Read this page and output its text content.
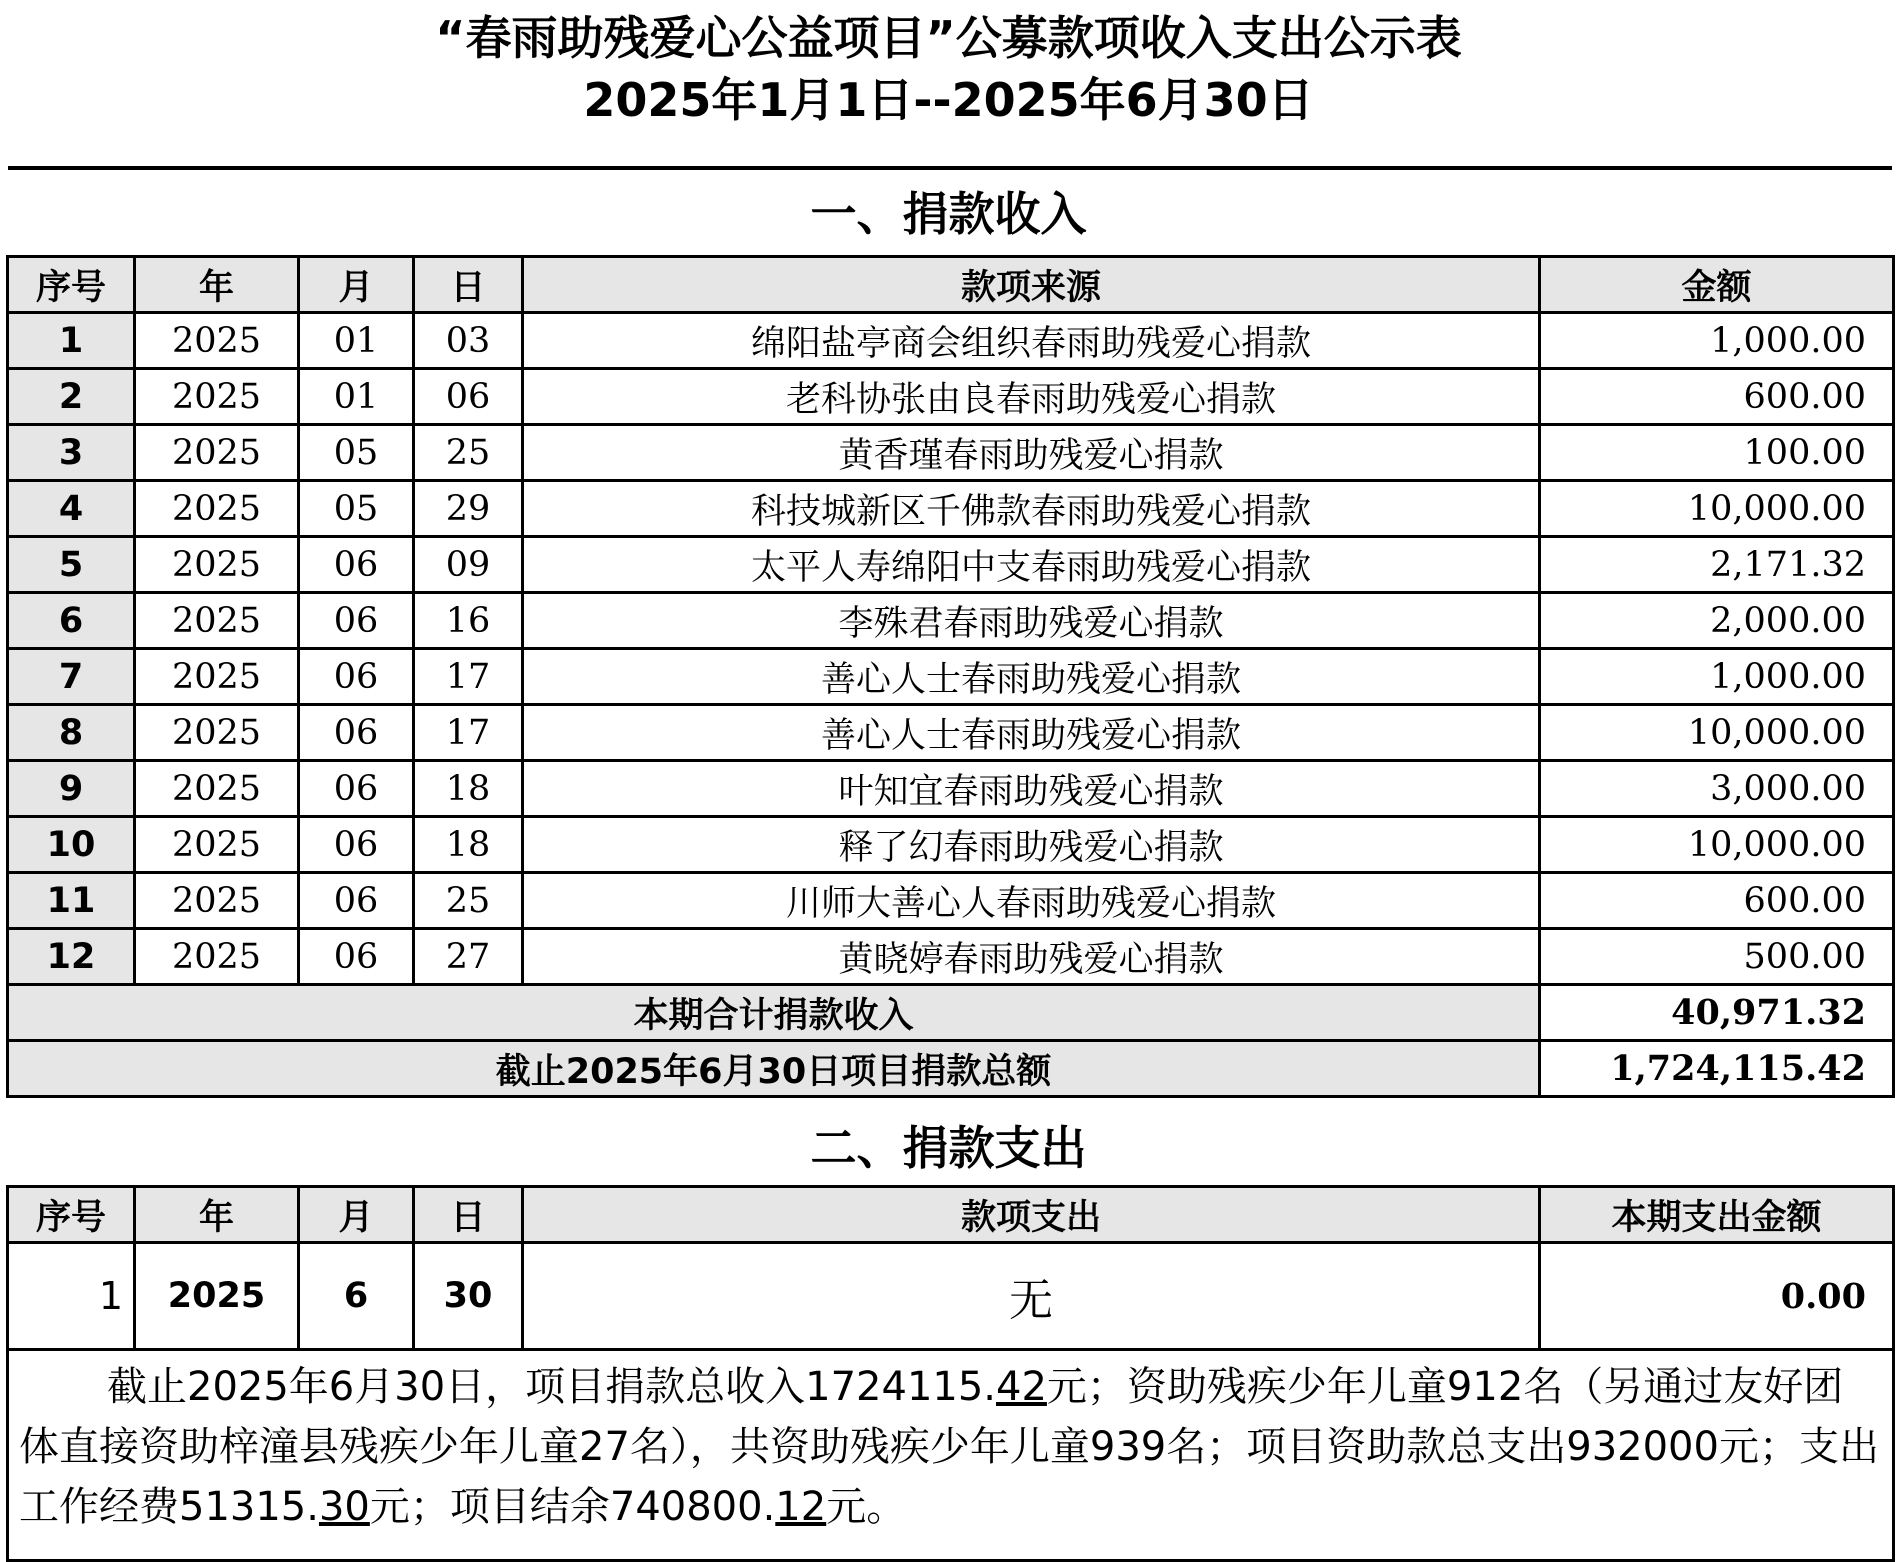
“春雨助残爱心公益项目”公募款项收入支出公示表
2025年1月1日--2025年6月30日
一、捐款收入
序号	年	月	日	款项来源	金额
1	2025	01	03	绵阳盐亭商会组织春雨助残爱心捐款	1,000.00
2	2025	01	06	老科协张由良春雨助残爱心捐款	600.00
3	2025	05	25	黄香瑾春雨助残爱心捐款	100.00
4	2025	05	29	科技城新区千佛款春雨助残爱心捐款	10,000.00
5	2025	06	09	太平人寿绵阳中支春雨助残爱心捐款	2,171.32
6	2025	06	16	李殊君春雨助残爱心捐款	2,000.00
7	2025	06	17	善心人士春雨助残爱心捐款	1,000.00
8	2025	06	17	善心人士春雨助残爱心捐款	10,000.00
9	2025	06	18	叶知宜春雨助残爱心捐款	3,000.00
10	2025	06	18	释了幻春雨助残爱心捐款	10,000.00
11	2025	06	25	川师大善心人春雨助残爱心捐款	600.00
12	2025	06	27	黄晓婷春雨助残爱心捐款	500.00
本期合计捐款收入					40,971.32
截止2025年6月30日项目捐款总额					1,724,115.42
二、捐款支出
序号	年	月	日	款项支出	本期支出金额
1	2025	6	30	无	0.00
截止2025年6月30日，项目捐款总收入1724115.42元；资助残疾少年儿童912名（另通过友好团体直接资助梓潼县残疾少年儿童27名），共资助残疾少年儿童939名；项目资助款总支出932000元；支出工作经费51315.30元；项目结余740800.12元。					
